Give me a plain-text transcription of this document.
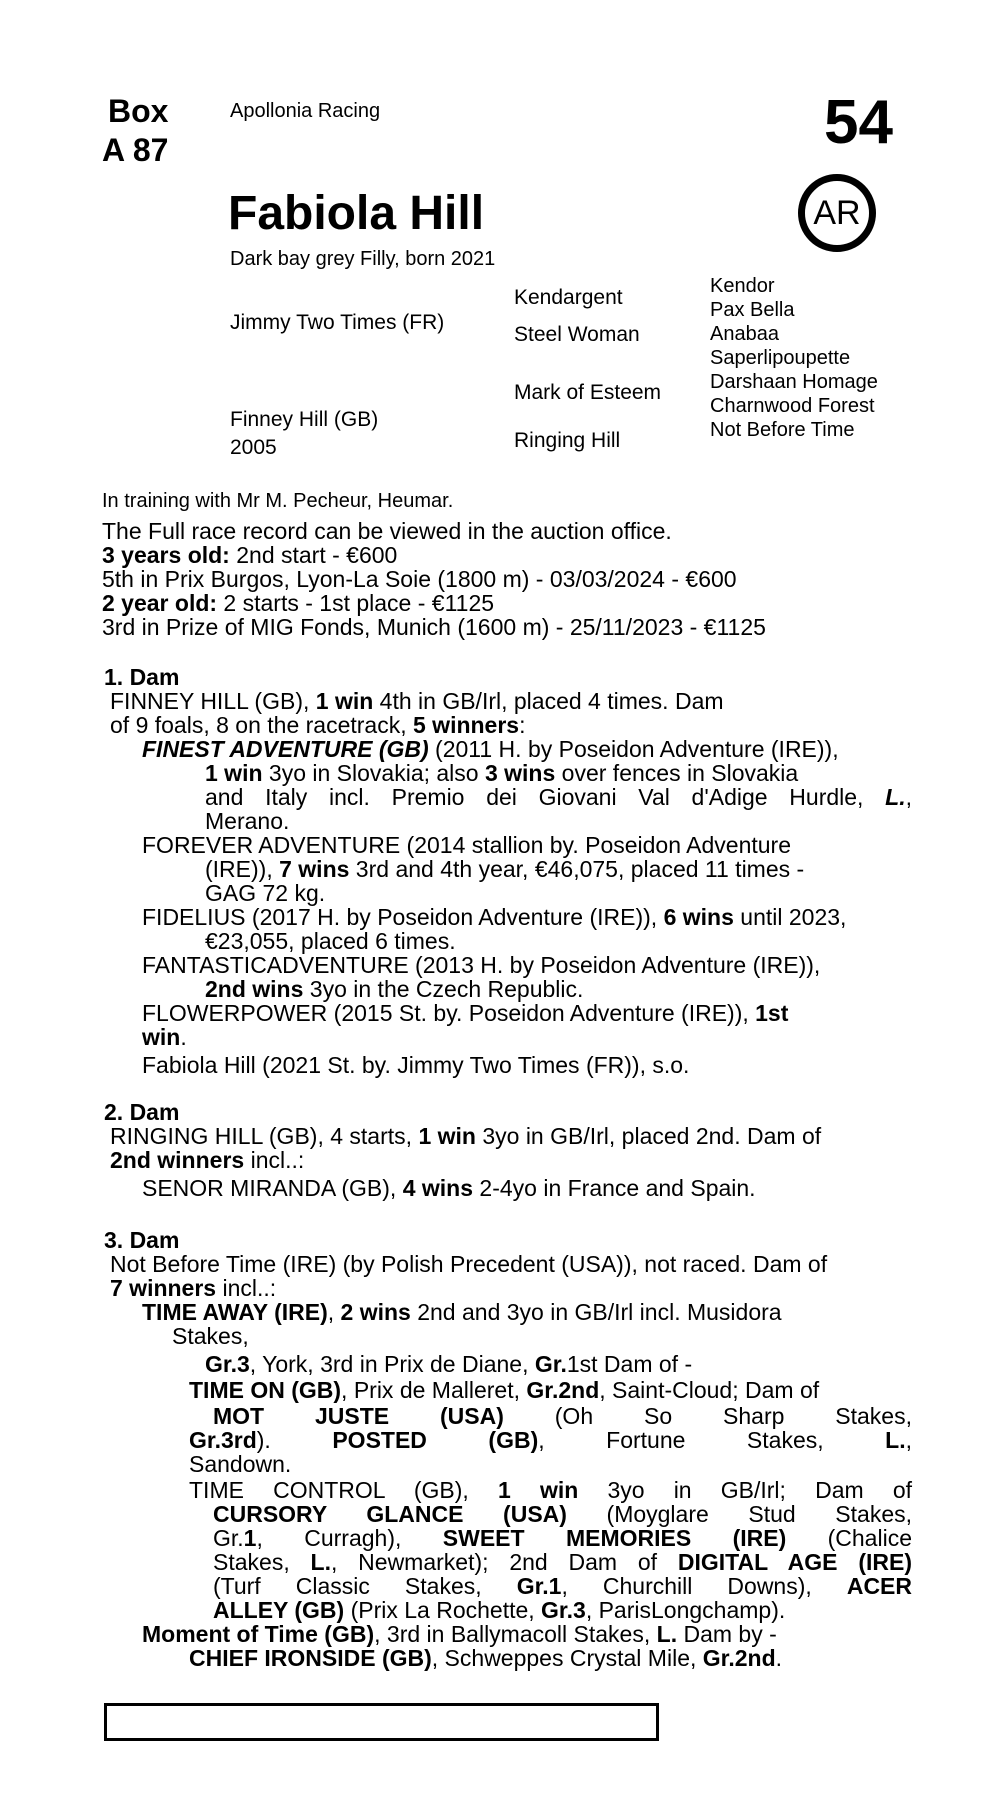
Box
A 87
Apollonia Racing	54
AR
Fabiola Hill
Dark bay grey Filly, born 2021
Jimmy Two Times (FR)
Finney Hill (GB)
2005
Kendargent
Steel Woman
Mark of Esteem
Ringing Hill
Kendor
Pax Bella
Anabaa
Saperlipoupette
Darshaan Homage
Charnwood Forest
Not Before Time
In training with Mr M. Pecheur, Heumar.
The Full race record can be viewed in the auction office.
3 years old: 2nd start - €600
5th in Prix Burgos, Lyon-La Soie (1800 m) - 03/03/2024 - €600
2 year old: 2 starts - 1st place - €1125
3rd in Prize of MIG Fonds, Munich (1600 m) - 25/11/2023 - €1125
1. Dam
FINNEY HILL (GB), 1 win 4th in GB/Irl, placed 4 times. Dam
of 9 foals, 8 on the racetrack, 5 winners:
FINEST ADVENTURE (GB) (2011 H. by Poseidon Adventure (IRE)),
1 win 3yo in Slovakia; also 3 wins over fences in Slovakia
and Italy incl. Premio dei Giovani Val d'Adige Hurdle, L.,
Merano.
FOREVER ADVENTURE (2014 stallion by. Poseidon Adventure
(IRE)), 7 wins 3rd and 4th year, €46,075, placed 11 times -
GAG 72 kg.
FIDELIUS (2017 H. by Poseidon Adventure (IRE)), 6 wins until 2023,
€23,055, placed 6 times.
FANTASTICADVENTURE (2013 H. by Poseidon Adventure (IRE)),
2nd wins 3yo in the Czech Republic.
FLOWERPOWER (2015 St. by. Poseidon Adventure (IRE)), 1st
win.
Fabiola Hill (2021 St. by. Jimmy Two Times (FR)), s.o.
2. Dam
RINGING HILL (GB), 4 starts, 1 win 3yo in GB/Irl, placed 2nd. Dam of
2nd winners incl..:
SENOR MIRANDA (GB), 4 wins 2-4yo in France and Spain.
3. Dam
Not Before Time (IRE) (by Polish Precedent (USA)), not raced. Dam of
7 winners incl..:
TIME AWAY (IRE), 2 wins 2nd and 3yo in GB/Irl incl. Musidora
Stakes,
Gr.3, York, 3rd in Prix de Diane, Gr.1st Dam of -
TIME ON (GB), Prix de Malleret, Gr.2nd, Saint-Cloud; Dam of
MOT JUSTE (USA) (Oh So Sharp Stakes,
Gr.3rd). POSTED (GB), Fortune Stakes, L.,
Sandown.
TIME CONTROL (GB), 1 win 3yo in GB/Irl; Dam of
CURSORY GLANCE (USA) (Moyglare Stud Stakes,
Gr.1, Curragh), SWEET MEMORIES (IRE) (Chalice
Stakes, L., Newmarket); 2nd Dam of DIGITAL AGE (IRE)
(Turf Classic Stakes, Gr.1, Churchill Downs), ACER
ALLEY (GB) (Prix La Rochette, Gr.3, ParisLongchamp).
Moment of Time (GB), 3rd in Ballymacoll Stakes, L. Dam by -
CHIEF IRONSIDE (GB), Schweppes Crystal Mile, Gr.2nd.
